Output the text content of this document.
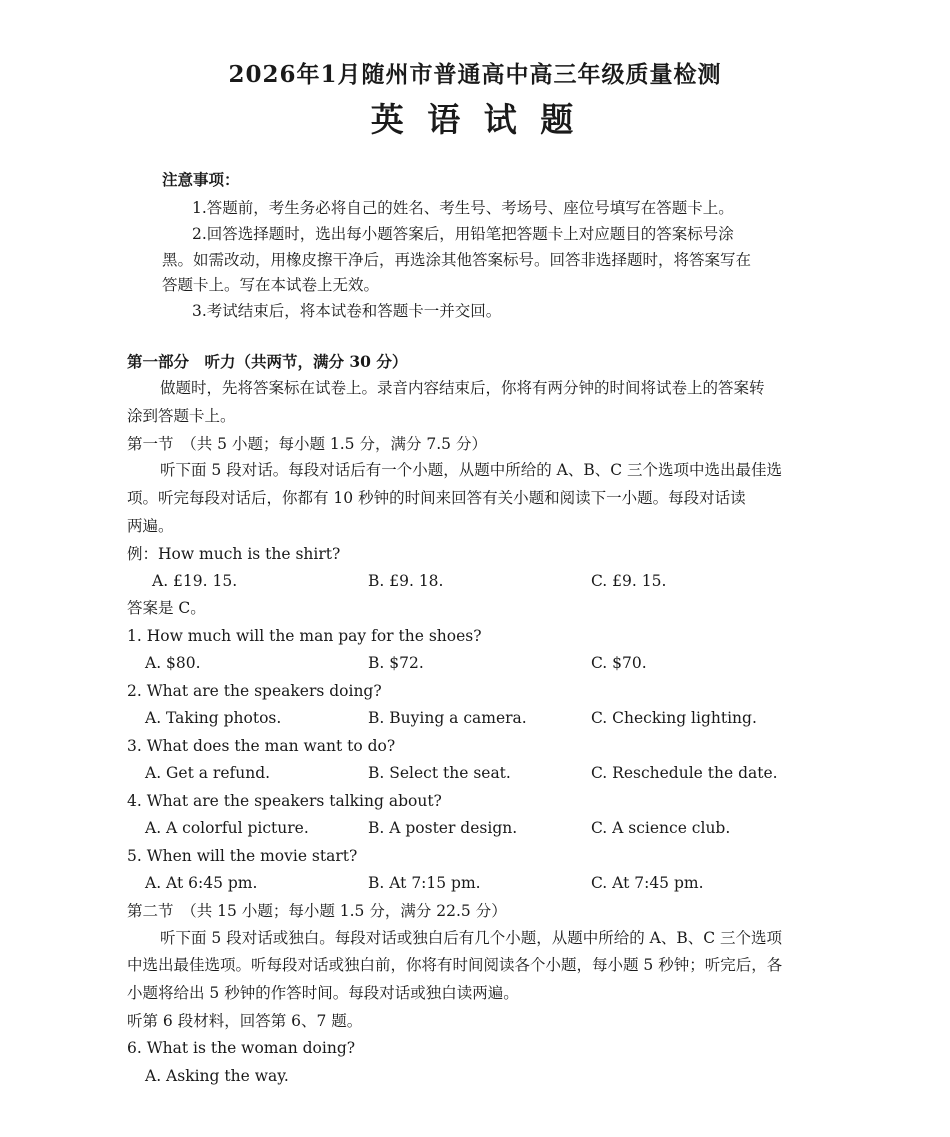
2026年1月随州市普通高中高三年级质量检测
英 语 试 题
注意事项：
1.答题前，考生务必将自己的姓名、考生号、考场号、座位号填写在答题卡上。
2.回答选择题时，选出每小题答案后，用铅笔把答题卡上对应题目的答案标号涂
黑。如需改动，用橡皮擦干净后，再选涂其他答案标号。回答非选择题时，将答案写在
答题卡上。写在本试卷上无效。
3.考试结束后，将本试卷和答题卡一并交回。
第一部分　听力（共两节，满分 30 分）
做题时，先将答案标在试卷上。录音内容结束后，你将有两分钟的时间将试卷上的答案转
涂到答题卡上。
第一节　（共 5 小题；每小题 1.5 分，满分 7.5 分）
听下面 5 段对话。每段对话后有一个小题，从题中所给的 A、B、C 三个选项中选出最佳选
项。听完每段对话后，你都有 10 秒钟的时间来回答有关小题和阅读下一小题。每段对话读
两遍。
例：How much is the shirt?
A. £19. 15.	B. £9. 18.	C. £9. 15.
答案是 C。
1. How much will the man pay for the shoes?
A. $80.	B. $72.	C. $70.
2. What are the speakers doing?
A. Taking photos.	B. Buying a camera.	C. Checking lighting.
3. What does the man want to do?
A. Get a refund.	B. Select the seat.	C. Reschedule the date.
4. What are the speakers talking about?
A. A colorful picture.	B. A poster design.	C. A science club.
5. When will the movie start?
A. At 6:45 pm.	B. At 7:15 pm.	C. At 7:45 pm.
第二节　（共 15 小题；每小题 1.5 分，满分 22.5 分）
听下面 5 段对话或独白。每段对话或独白后有几个小题，从题中所给的 A、B、C 三个选项
中选出最佳选项。听每段对话或独白前，你将有时间阅读各个小题，每小题 5 秒钟；听完后，各
小题将给出 5 秒钟的作答时间。每段对话或独白读两遍。
听第 6 段材料，回答第 6、7 题。
6. What is the woman doing?
A. Asking the way.
